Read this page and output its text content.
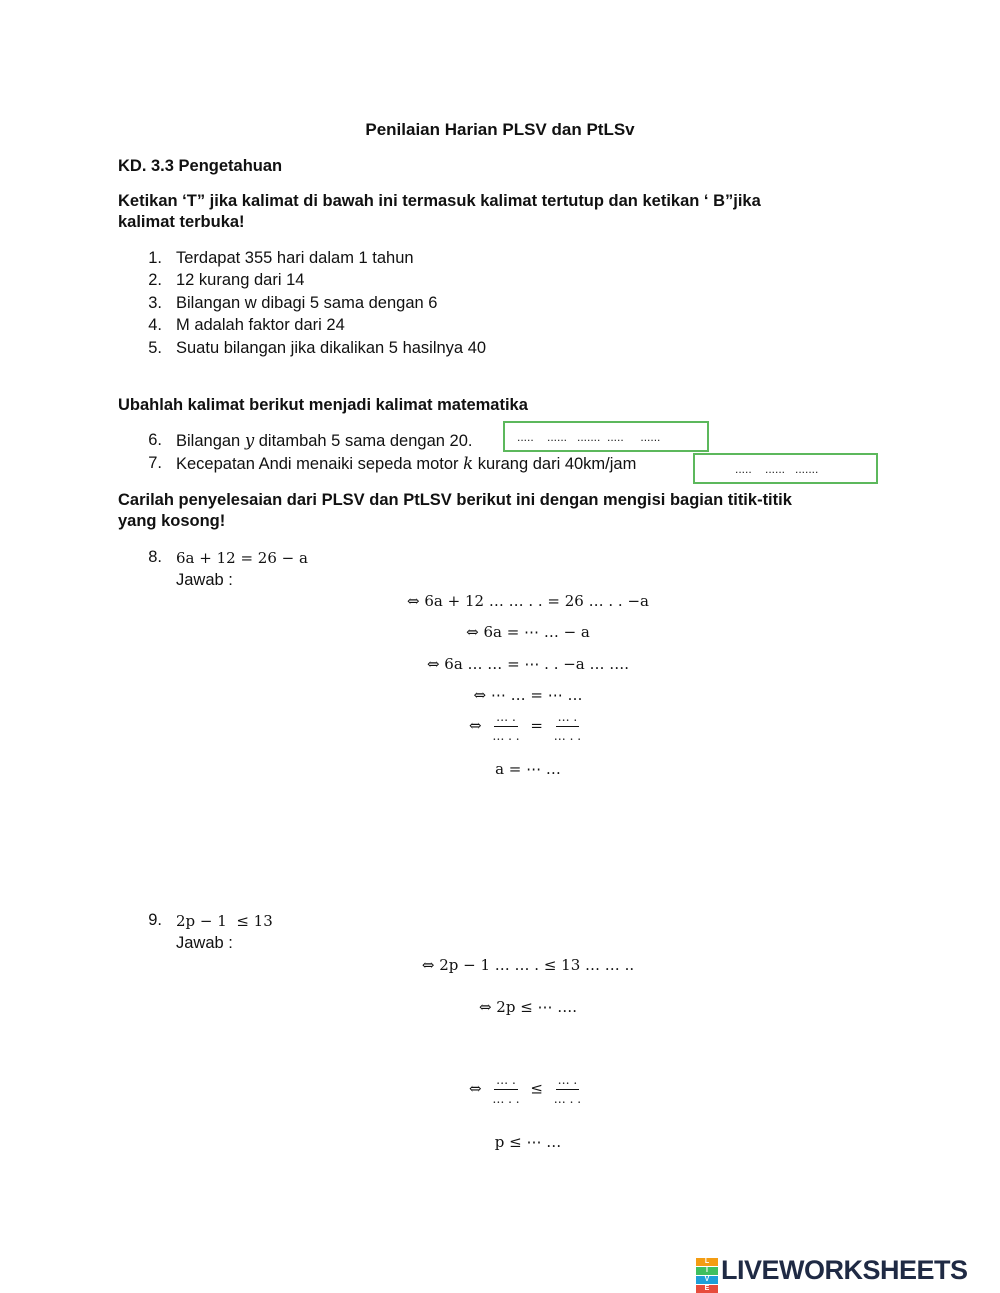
Penilaian Harian PLSV dan PtLSv
KD. 3.3 Pengetahuan
Ketikan ‘T” jika kalimat di bawah ini termasuk kalimat tertutup dan ketikan ‘ B”jika
kalimat terbuka!
1. Terdapat 355 hari dalam 1 tahun
2. 12 kurang dari 14
3. Bilangan w dibagi 5 sama dengan 6
4. M adalah faktor dari 24
5. Suatu bilangan jika dikalikan 5 hasilnya 40
Ubahlah kalimat berikut menjadi kalimat matematika
6. Bilangan y ditambah 5 sama dengan 20.	.....    ......   .......  .....     ......
7. Kecepatan Andi menaiki sepeda motor k kurang dari 40km/jam	.....    ......   .......
Carilah penyelesaian dari PLSV dan PtLSV berikut ini dengan mengisi bagian titik-titik
yang kosong!
8. 6a + 12 = 26 − a
Jawab :
⇔ 6a + 12 … … . . = 26 … . . −a
⇔ 6a = ⋯ … − a
⇔ 6a … … = ⋯ . . −a … ….
⇔ ⋯ … = ⋯ …
⇔ $\frac{\dots .}{\dots . .} = \frac{\dots .}{\dots . .}$
a = ⋯ …
9. 2p − 1  ≤ 13
Jawab :
⇔ 2p − 1 … … . ≤ 13 … … ..
⇔ 2p ≤ ⋯ ….
⇔ $\frac{\dots .}{\dots . .} \le \frac{\dots .}{\dots . .}$
p ≤ ⋯ …
L
I
V
E
LIVEWORKSHEETS
